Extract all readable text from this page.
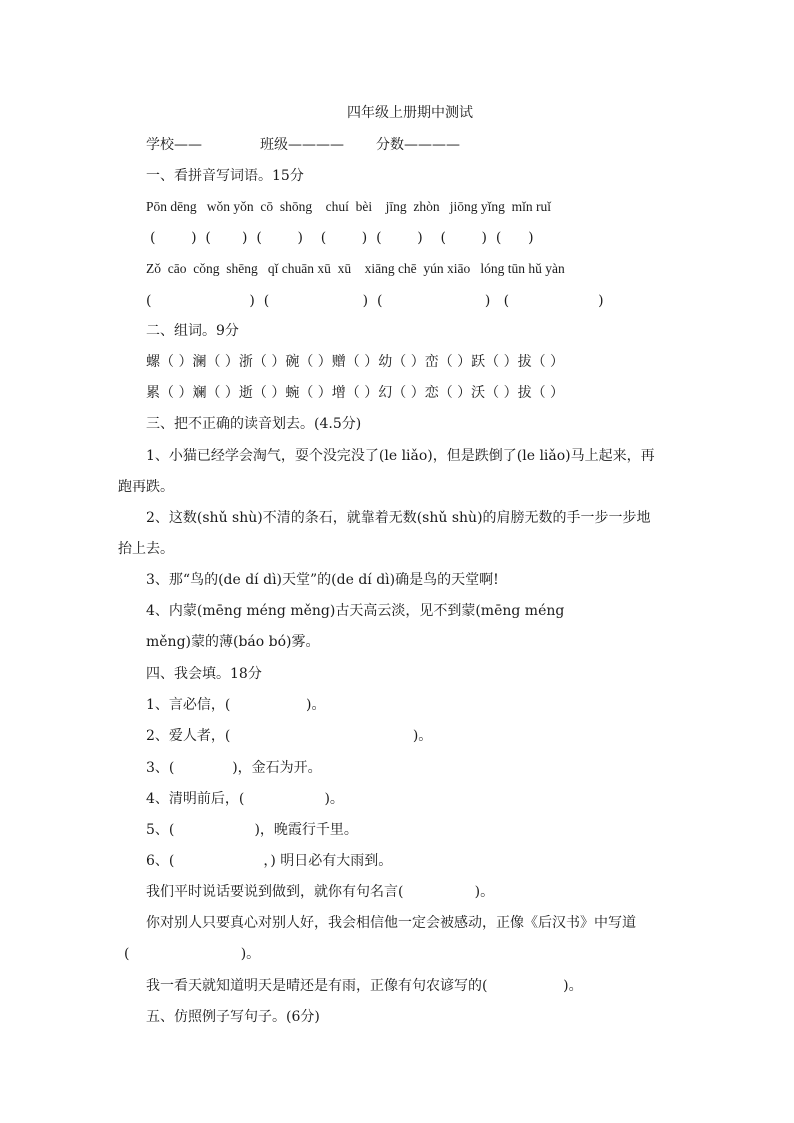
四年级上册期中测试
学校——	班级———— 分数————
一、看拼音写词语。15分
Pōn dēng   wǒn yǒn  cō  shōng    chuí  bèi    jīng  zhòn   jiōng yǐng  mǐn ruǐ
(        )  (       )  (        )    (        )  (        )    (        )  (      )
Zǒ  cāo  cǒng  shēng   qǐ chuān xū  xū    xiāng chē  yún xiāo   lóng tūn hǔ yàn
(                      )  (                     )  (                       )   (                    )
二、组词。9分
螺（ ）澜（ ）浙（ ）碗（ ）赠（ ）幼（ ）峦（ ）跃（ ）拔（ ）
累（ ）斓（ ）逝（ ）蜿（ ）增（ ）幻（ ）恋（ ）沃（ ）拔（ ）
三、把不正确的读音划去。(4.5分)
1、小猫已经学会淘气，耍个没完没了(le liǎo)，但是跌倒了(le liǎo)马上起来，再
跑再跌。
2、这数(shǔ shù)不清的条石，就靠着无数(shǔ shù)的肩膀无数的手一步一步地
抬上去。
3、那“鸟的(de dí dì)天堂”的(de dí dì)确是鸟的天堂啊!
4、内蒙(mēng méng měng)古天高云淡，见不到蒙(mēng méng
měng)蒙的薄(báo bó)雾。
四、我会填。18分
1、言必信，(                 )。
2、爱人者，(                                         )。
3、(             )，金石为开。
4、清明前后，(                  )。
5、(                  )，晚霞行千里。
6、(                    ，) 明日必有大雨到。
我们平时说话要说到做到，就你有句名言(                )。
你对别人只要真心对别人好，我会相信他一定会被感动，正像《后汉书》中写道
(                         )。
我一看天就知道明天是晴还是有雨，正像有句农谚写的(                 )。
五、仿照例子写句子。(6分)
